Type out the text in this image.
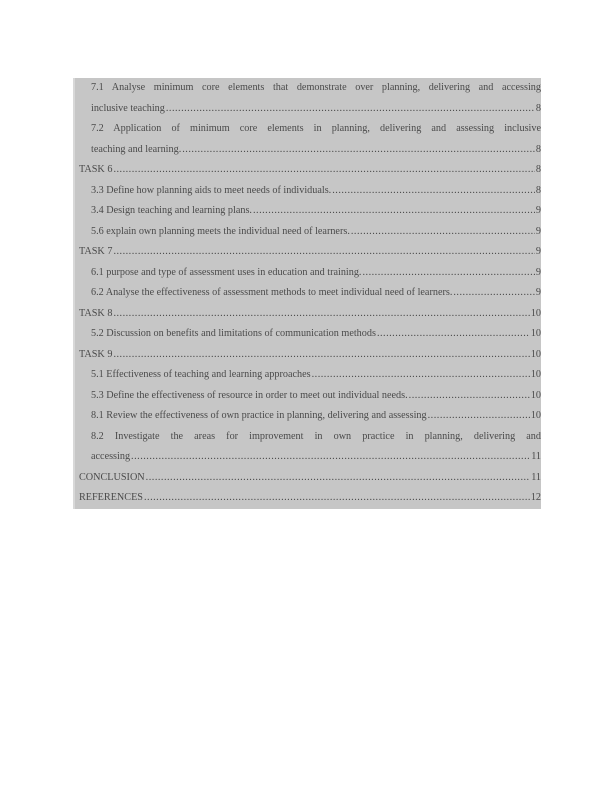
7.1 Analyse minimum core elements that demonstrate over planning, delivering and accessing
inclusive teaching .....	8
7.2 Application of minimum core elements in planning, delivering and assessing inclusive
teaching and learning. .....	8
TASK 6 .....	8
3.3 Define how planning aids to meet needs of individuals. .....	8
3.4 Design teaching and learning plans. .....	9
5.6 explain own planning meets the individual need of learners. .....	9
TASK 7 .....	9
6.1 purpose and type of assessment uses in education and training. .....	9
6.2 Analyse the effectiveness of assessment methods to meet individual need of learners. .....	9
TASK 8 .....	10
5.2 Discussion on benefits and limitations of communication methods .....	10
TASK 9 .....	10
5.1 Effectiveness of teaching and learning approaches .....	10
5.3 Define the effectiveness of resource in order to meet out individual needs. .....	10
8.1 Review the effectiveness of own practice in planning, delivering and assessing .....	10
8.2 Investigate the areas for improvement in own practice in planning, delivering and
accessing .....	11
CONCLUSION .....	11
REFERENCES .....	12
